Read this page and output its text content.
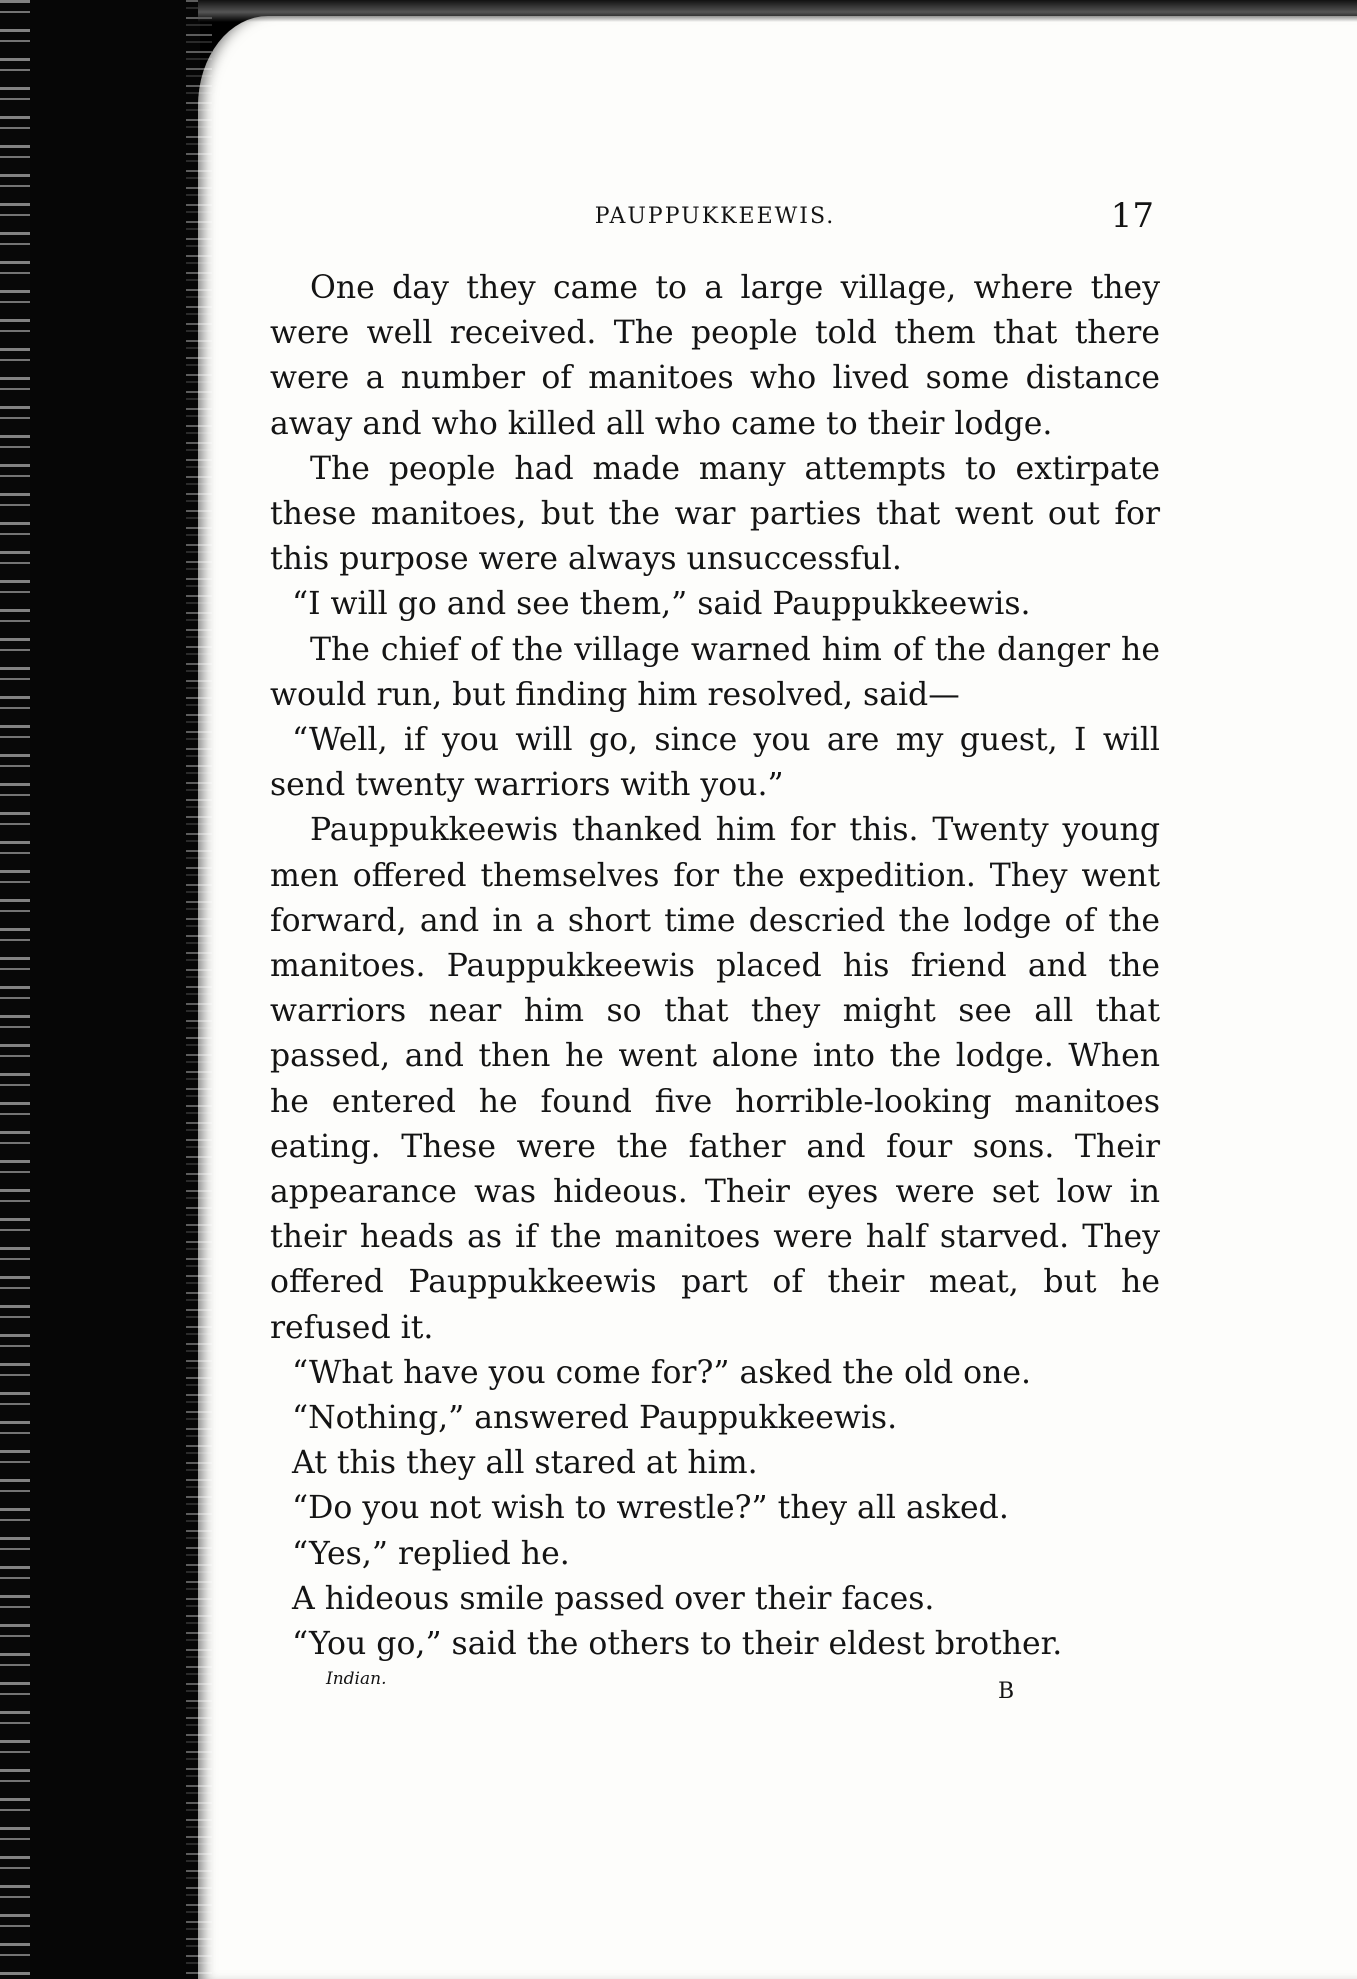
PAUPPUKKEEWIS.	17

One day they came to a large village, where they were well received. The people told them that there were a number of manitoes who lived some distance away and who killed all who came to their lodge.

The people had made many attempts to extirpate these manitoes, but the war parties that went out for this purpose were always unsuccessful.

“I will go and see them,” said Pauppukkeewis.

The chief of the village warned him of the danger he would run, but finding him resolved, said—

“Well, if you will go, since you are my guest, I will send twenty warriors with you.”

Pauppukkeewis thanked him for this. Twenty young men offered themselves for the expedition. They went forward, and in a short time descried the lodge of the manitoes. Pauppukkeewis placed his friend and the warriors near him so that they might see all that passed, and then he went alone into the lodge. When he entered he found five horrible-looking manitoes eating. These were the father and four sons. Their appearance was hideous. Their eyes were set low in their heads as if the manitoes were half starved. They offered Pauppukkeewis part of their meat, but he refused it.

“What have you come for?” asked the old one.

“Nothing,” answered Pauppukkeewis.

At this they all stared at him.

“Do you not wish to wrestle?” they all asked.

“Yes,” replied he.

A hideous smile passed over their faces.

“You go,” said the others to their eldest brother.

Indian.	B
